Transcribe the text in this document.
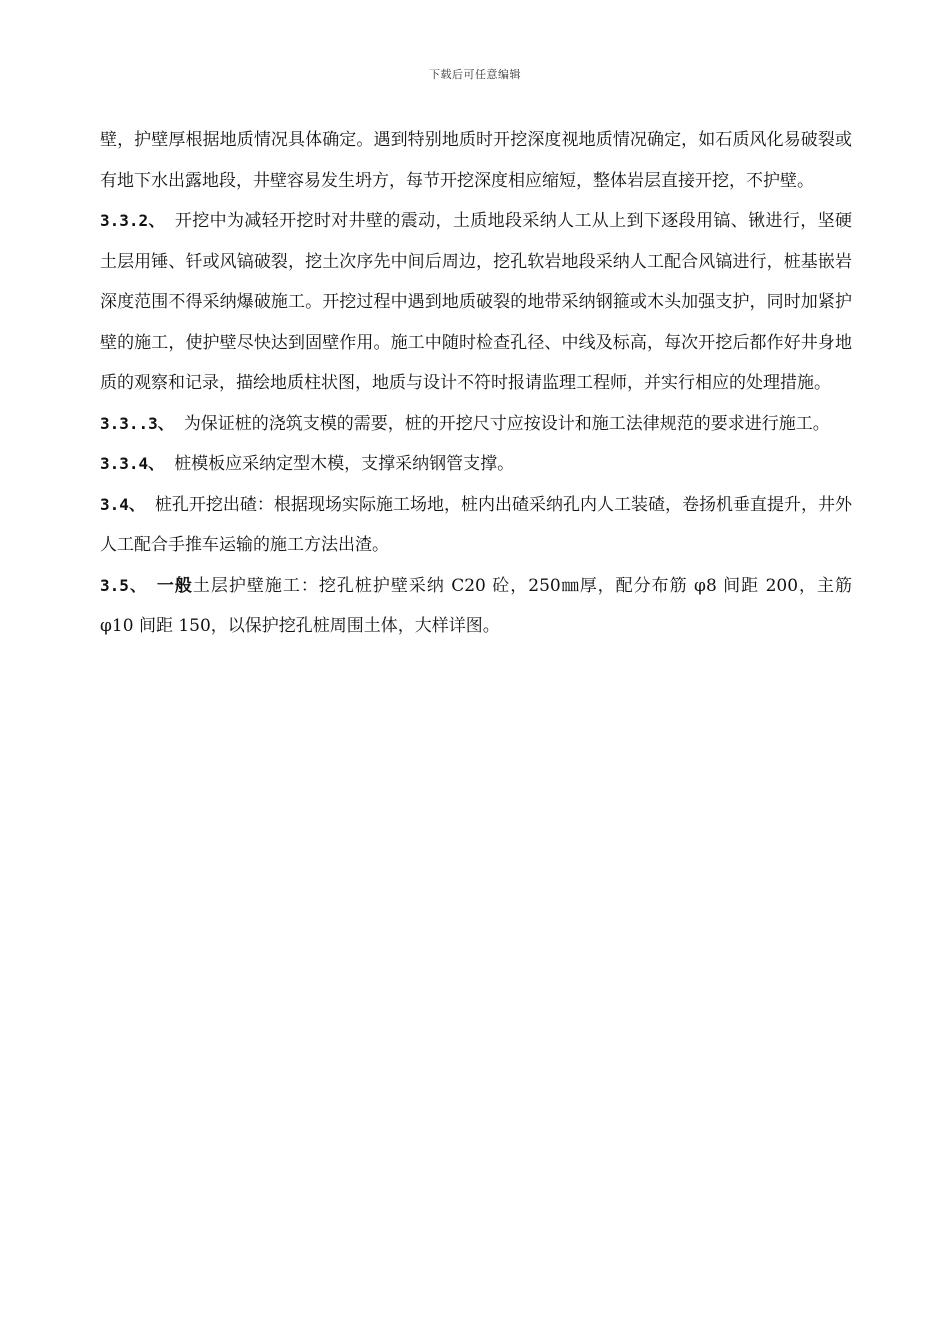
下载后可任意编辑

壁，护壁厚根据地质情况具体确定。遇到特别地质时开挖深度视地质情况确定，如石质风化易破裂或有地下水出露地段，井壁容易发生坍方，每节开挖深度相应缩短，整体岩层直接开挖，不护壁。

3.3.2、 开挖中为减轻开挖时对井壁的震动，土质地段采纳人工从上到下逐段用镐、锹进行，坚硬土层用锤、钎或风镐破裂，挖土次序先中间后周边，挖孔软岩地段采纳人工配合风镐进行，桩基嵌岩深度范围不得采纳爆破施工。开挖过程中遇到地质破裂的地带采纳钢箍或木头加强支护，同时加紧护壁的施工，使护壁尽快达到固壁作用。施工中随时检查孔径、中线及标高，每次开挖后都作好井身地质的观察和记录，描绘地质柱状图，地质与设计不符时报请监理工程师，并实行相应的处理措施。

3.3..3、 为保证桩的浇筑支模的需要，桩的开挖尺寸应按设计和施工法律规范的要求进行施工。

3.3.4、 桩模板应采纳定型木模，支撑采纳钢管支撑。

3.4、 桩孔开挖出碴：根据现场实际施工场地，桩内出碴采纳孔内人工装碴，卷扬机垂直提升，井外人工配合手推车运输的施工方法出渣。

3.5、 一般土层护壁施工：挖孔桩护壁采纳 C20 砼，250㎜厚，配分布筋 φ8 间距 200，主筋 φ10 间距 150，以保护挖孔桩周围土体，大样详图。
